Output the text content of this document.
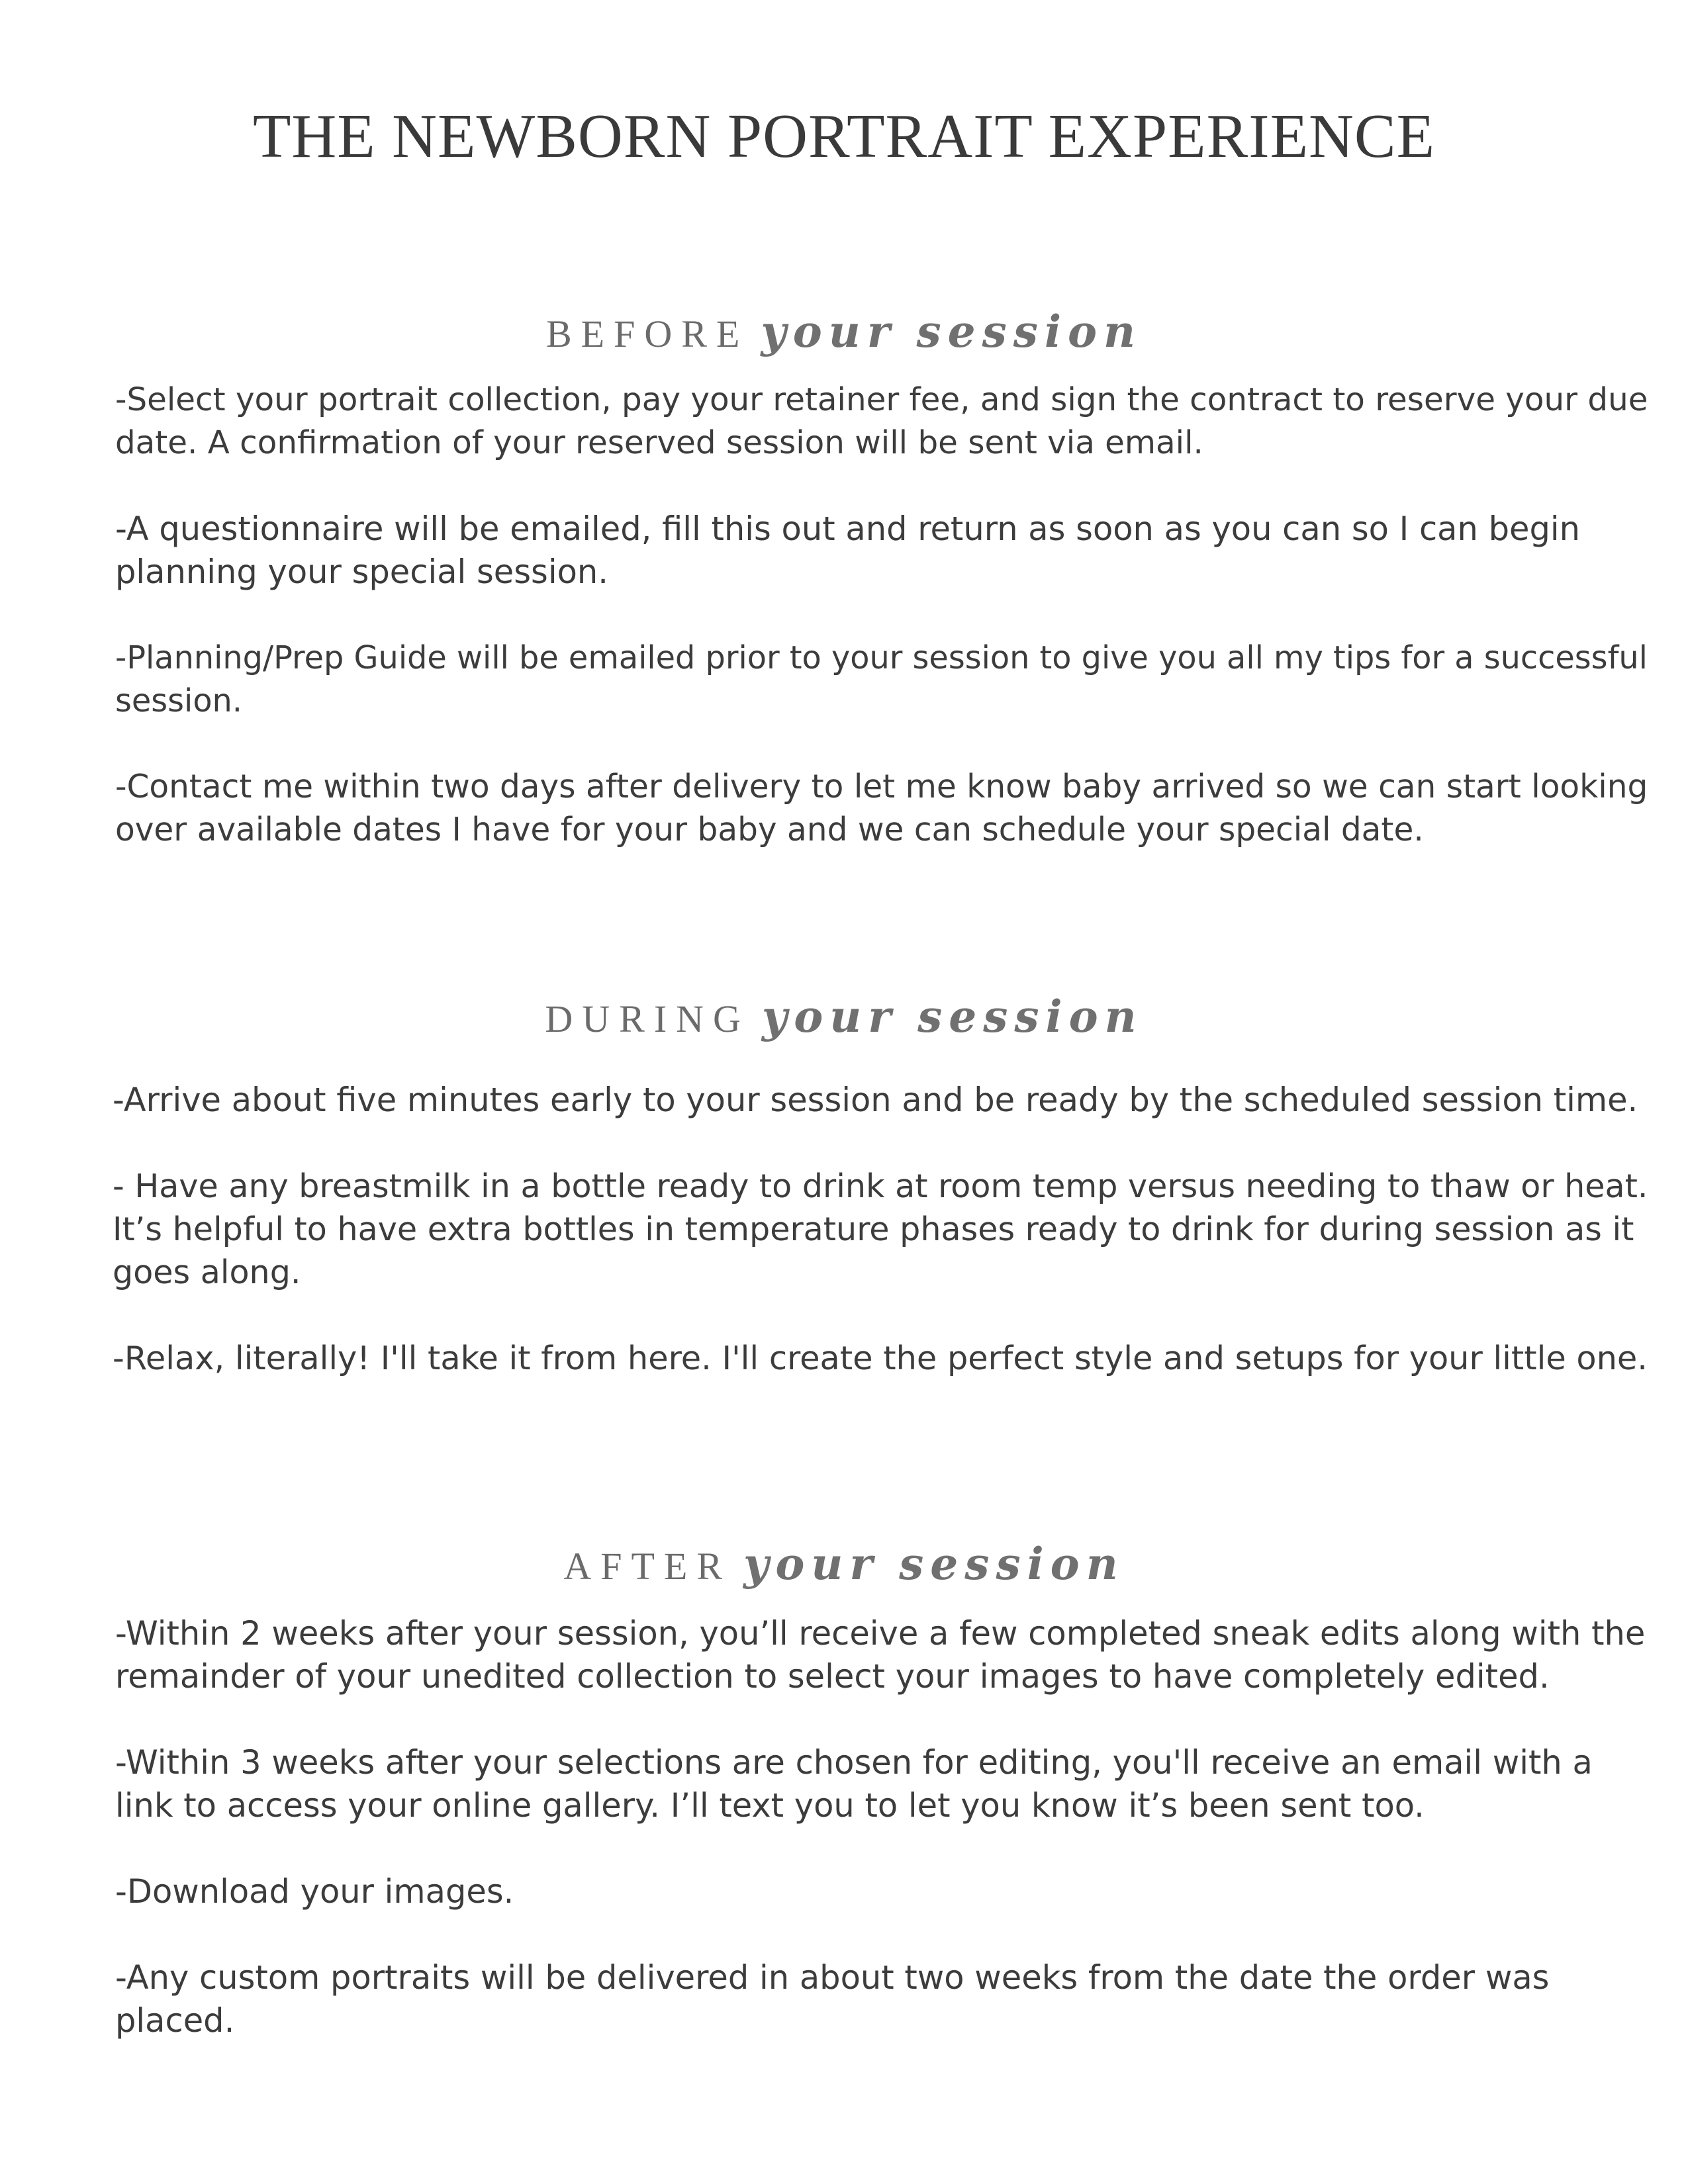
THE NEWBORN PORTRAIT EXPERIENCE
BEFORE your session
-Select your portrait collection, pay your retainer fee, and sign the contract to reserve your due
date. A confirmation of your reserved session will be sent via email.
-A questionnaire will be emailed, fill this out and return as soon as you can so I can begin
planning your special session.
-Planning/Prep Guide will be emailed prior to your session to give you all my tips for a successful
session.
-Contact me within two days after delivery to let me know baby arrived so we can start looking
over available dates I have for your baby and we can schedule your special date.
DURING your session
-Arrive about five minutes early to your session and be ready by the scheduled session time.
- Have any breastmilk in a bottle ready to drink at room temp versus needing to thaw or heat.
It’s helpful to have extra bottles in temperature phases ready to drink for during session as it
goes along.
-Relax, literally! I'll take it from here. I'll create the perfect style and setups for your little one.
AFTER your session
-Within 2 weeks after your session, you’ll receive a few completed sneak edits along with the
remainder of your unedited collection to select your images to have completely edited.
-Within 3 weeks after your selections are chosen for editing, you'll receive an email with a
link to access your online gallery. I’ll text you to let you know it’s been sent too.
-Download your images.
-Any custom portraits will be delivered in about two weeks from the date the order was
placed.
